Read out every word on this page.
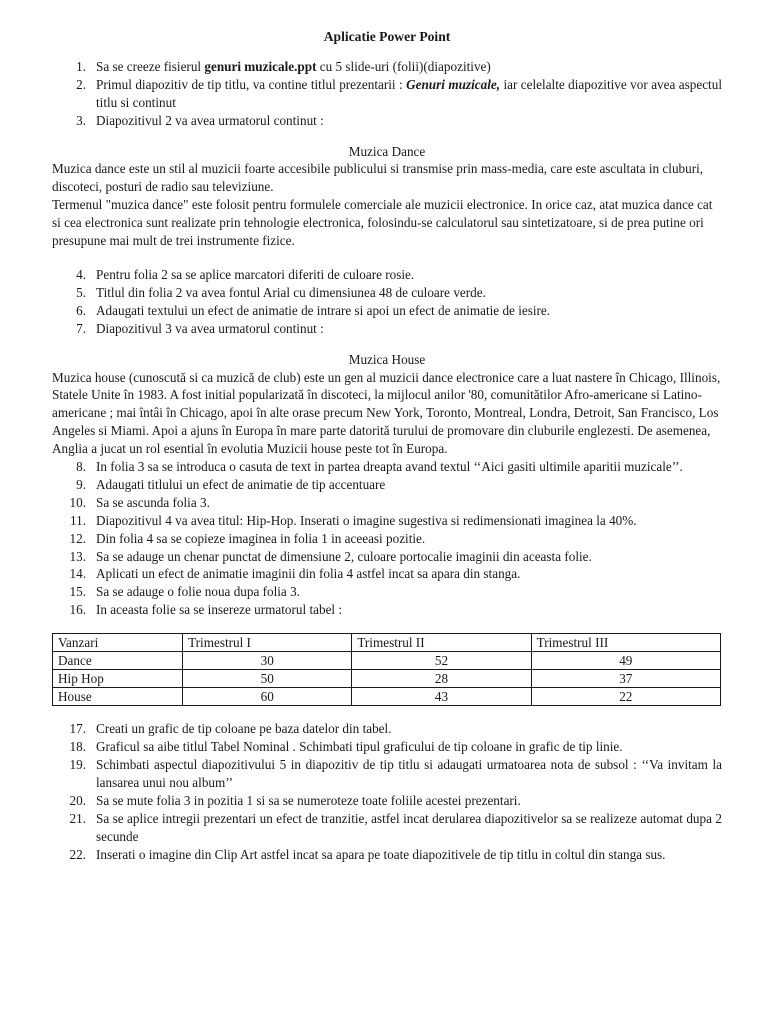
Aplicatie Power Point
1. Sa se creeze fisierul genuri muzicale.ppt cu 5 slide-uri (folii)(diapozitive)
2. Primul diapozitiv de tip titlu, va contine titlul prezentarii : Genuri muzicale, iar celelalte diapozitive vor avea aspectul titlu si continut
3. Diapozitivul 2 va avea urmatorul continut :
Muzica Dance

Muzica dance este un stil al muzicii foarte accesibile publicului si transmise prin mass-media, care este ascultata in cluburi, discoteci, posturi de radio sau televiziune.

Termenul "muzica dance" este folosit pentru formulele comerciale ale muzicii electronice. In orice caz, atat muzica dance cat si cea electronica sunt realizate prin tehnologie electronica, folosindu-se calculatorul sau sintetizatoare, si de prea putine ori presupune mai mult de trei instrumente fizice.

4. Pentru folia 2 sa se aplice marcatori diferiti de culoare rosie.
5. Titlul din folia 2 va avea fontul Arial cu dimensiunea 48 de culoare verde.
6. Adaugati textului un efect de animatie de intrare si apoi un efect de animatie de iesire.
7. Diapozitivul 3 va avea urmatorul continut :
Muzica House

Muzica house (cunoscută si ca muzică de club) este un gen al muzicii dance electronice care a luat nastere în Chicago, Illinois, Statele Unite în 1983. A fost initial popularizată în discoteci, la mijlocul anilor '80, comunitătilor Afro-americane si Latino-americane ; mai întâi în Chicago, apoi în alte orase precum New York, Toronto, Montreal, Londra, Detroit, San Francisco, Los Angeles si Miami. Apoi a ajuns în Europa în mare parte datorită turului de promovare din cluburile englezesti. De asemenea, Anglia a jucat un rol esential în evolutia Muzicii house peste tot în Europa.

8. In folia 3 sa se introduca o casuta de text in partea dreapta avand textul ‘‘Aici gasiti ultimile aparitii muzicale’’.
9. Adaugati titlului un efect de animatie de tip accentuare
10. Sa se ascunda folia 3.
11. Diapozitivul 4 va avea titul: Hip-Hop. Inserati o imagine sugestiva si redimensionati imaginea la 40%.
12. Din folia 4 sa se copieze imaginea in folia 1 in aceeasi pozitie.
13. Sa se adauge un chenar punctat de dimensiune 2, culoare portocalie imaginii din aceasta folie.
14. Aplicati un efect de animatie imaginii din folia 4 astfel incat sa apara din stanga.
15. Sa se adauge o folie noua dupa folia 3.
16. In aceasta folie sa se insereze urmatorul tabel :
Vanzari	Trimestrul I	Trimestrul II	Trimestrul III
Dance	30	52	49
Hip Hop	50	28	37
House	60	43	22
17. Creati un grafic de tip coloane pe baza datelor din tabel.
18. Graficul sa aibe titlul Tabel Nominal . Schimbati tipul graficului de tip coloane in grafic de tip linie.
19. Schimbati aspectul diapozitivului 5 in diapozitiv de tip titlu si adaugati urmatoarea nota de subsol : ‘‘Va invitam la lansarea unui nou album’’
20. Sa se mute folia 3 in pozitia 1 si sa se numeroteze toate foliile acestei prezentari.
21. Sa se aplice intregii prezentari un efect de tranzitie, astfel incat derularea diapozitivelor sa se realizeze automat dupa 2 secunde
22. Inserati o imagine din Clip Art astfel incat sa apara pe toate diapozitivele de tip titlu in coltul din stanga sus.
